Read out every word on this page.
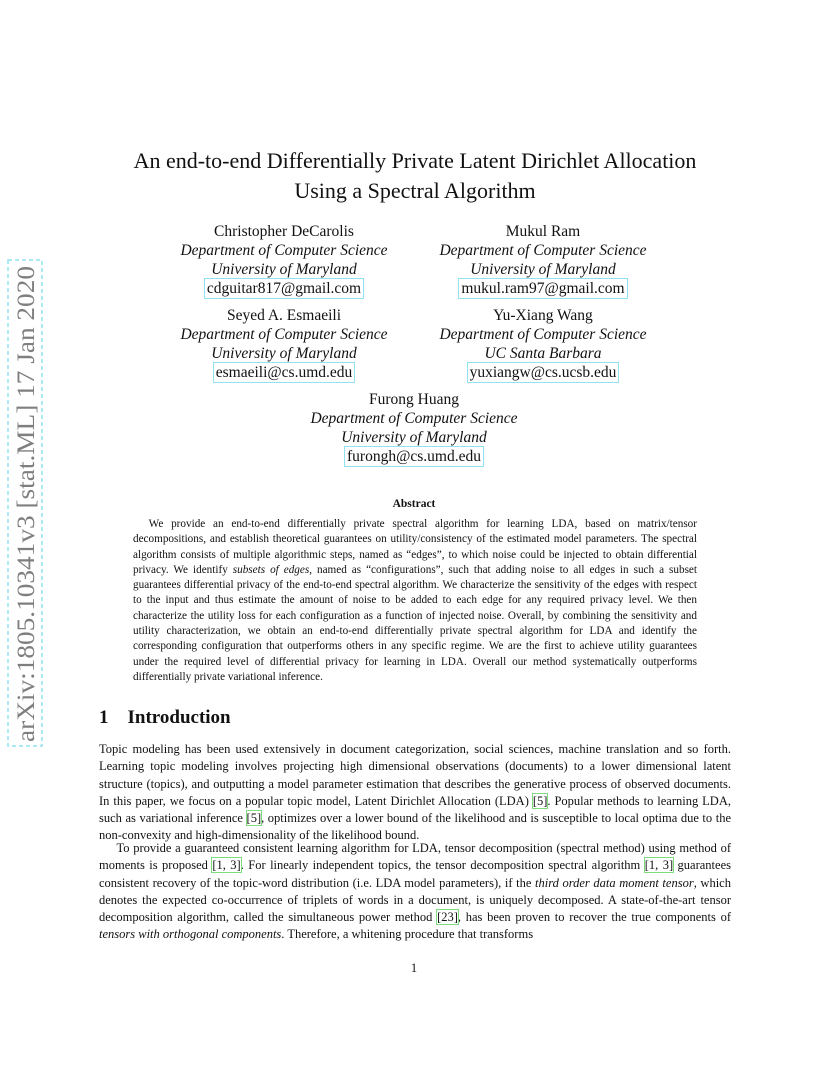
arXiv:1805.10341v3 [stat.ML] 17 Jan 2020
An end-to-end Differentially Private Latent Dirichlet Allocation
Using a Spectral Algorithm
Christopher DeCarolis
Department of Computer Science
University of Maryland
cdguitar817@gmail.com
Mukul Ram
Department of Computer Science
University of Maryland
mukul.ram97@gmail.com
Seyed A. Esmaeili
Department of Computer Science
University of Maryland
esmaeili@cs.umd.edu
Yu-Xiang Wang
Department of Computer Science
UC Santa Barbara
yuxiangw@cs.ucsb.edu
Furong Huang
Department of Computer Science
University of Maryland
furongh@cs.umd.edu
Abstract

We provide an end-to-end differentially private spectral algorithm for learning LDA, based on matrix/tensor decompositions, and establish theoretical guarantees on utility/consistency of the estimated model parameters. The spectral algorithm consists of multiple algorithmic steps, named as “edges”, to which noise could be injected to obtain differential privacy. We identify subsets of edges, named as “configurations”, such that adding noise to all edges in such a subset guarantees differential privacy of the end-to-end spectral algorithm. We characterize the sensitivity of the edges with respect to the input and thus estimate the amount of noise to be added to each edge for any required privacy level. We then characterize the utility loss for each configuration as a function of injected noise. Overall, by combining the sensitivity and utility characterization, we obtain an end-to-end differentially private spectral algorithm for LDA and identify the corresponding configuration that outperforms others in any specific regime. We are the first to achieve utility guarantees under the required level of differential privacy for learning in LDA. Overall our method systematically outperforms differentially private variational inference.

1 Introduction

Topic modeling has been used extensively in document categorization, social sciences, machine translation and so forth. Learning topic modeling involves projecting high dimensional observations (documents) to a lower dimensional latent structure (topics), and outputting a model parameter estimation that describes the generative process of observed documents. In this paper, we focus on a popular topic model, Latent Dirichlet Allocation (LDA) [5]. Popular methods to learning LDA, such as variational inference [5], optimizes over a lower bound of the likelihood and is susceptible to local optima due to the non-convexity and high-dimensionality of the likelihood bound.

To provide a guaranteed consistent learning algorithm for LDA, tensor decomposition (spectral method) using method of moments is proposed [1, 3]. For linearly independent topics, the tensor decomposition spectral algorithm [1, 3] guarantees consistent recovery of the topic-word distribution (i.e. LDA model parameters), if the third order data moment tensor, which denotes the expected co-occurrence of triplets of words in a document, is uniquely decomposed. A state-of-the-art tensor decomposition algorithm, called the simultaneous power method [23], has been proven to recover the true components of tensors with orthogonal components. Therefore, a whitening procedure that transforms

1
